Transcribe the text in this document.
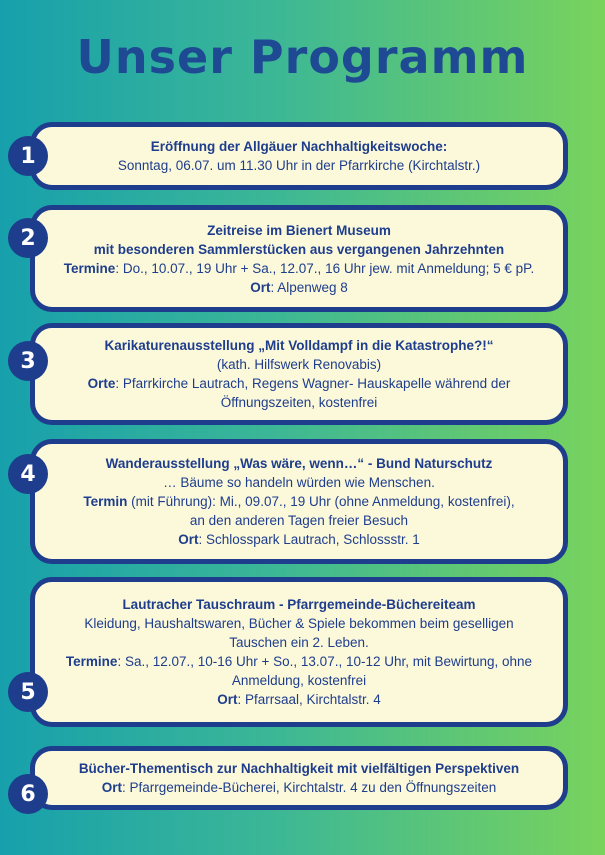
Unser Programm
Eröffnung der Allgäuer Nachhaltigkeitswoche:
Sonntag, 06.07. um 11.30 Uhr in der Pfarrkirche (Kirchtalstr.)
1
Zeitreise im Bienert Museum
mit besonderen Sammlerstücken aus vergangenen Jahrzehnten
Termine: Do., 10.07., 19 Uhr + Sa., 12.07., 16 Uhr jew. mit Anmeldung; 5 € pP.
Ort: Alpenweg 8
2
Karikaturenausstellung „Mit Volldampf in die Katastrophe?!“
(kath. Hilfswerk Renovabis)
Orte: Pfarrkirche Lautrach, Regens Wagner- Hauskapelle während der
Öffnungszeiten, kostenfrei
3
Wanderausstellung „Was wäre, wenn…“ - Bund Naturschutz
… Bäume so handeln würden wie Menschen.
Termin (mit Führung): Mi., 09.07., 19 Uhr (ohne Anmeldung, kostenfrei),
an den anderen Tagen freier Besuch
Ort: Schlosspark Lautrach, Schlossstr. 1
4
Lautracher Tauschraum - Pfarrgemeinde-Büchereiteam
Kleidung, Haushaltswaren, Bücher & Spiele bekommen beim geselligen
Tauschen ein 2. Leben.
Termine: Sa., 12.07., 10-16 Uhr + So., 13.07., 10-12 Uhr, mit Bewirtung, ohne
Anmeldung, kostenfrei
Ort: Pfarrsaal, Kirchtalstr. 4
5
Bücher-Thementisch zur Nachhaltigkeit mit vielfältigen Perspektiven
Ort: Pfarrgemeinde-Bücherei, Kirchtalstr. 4 zu den Öffnungszeiten
6
